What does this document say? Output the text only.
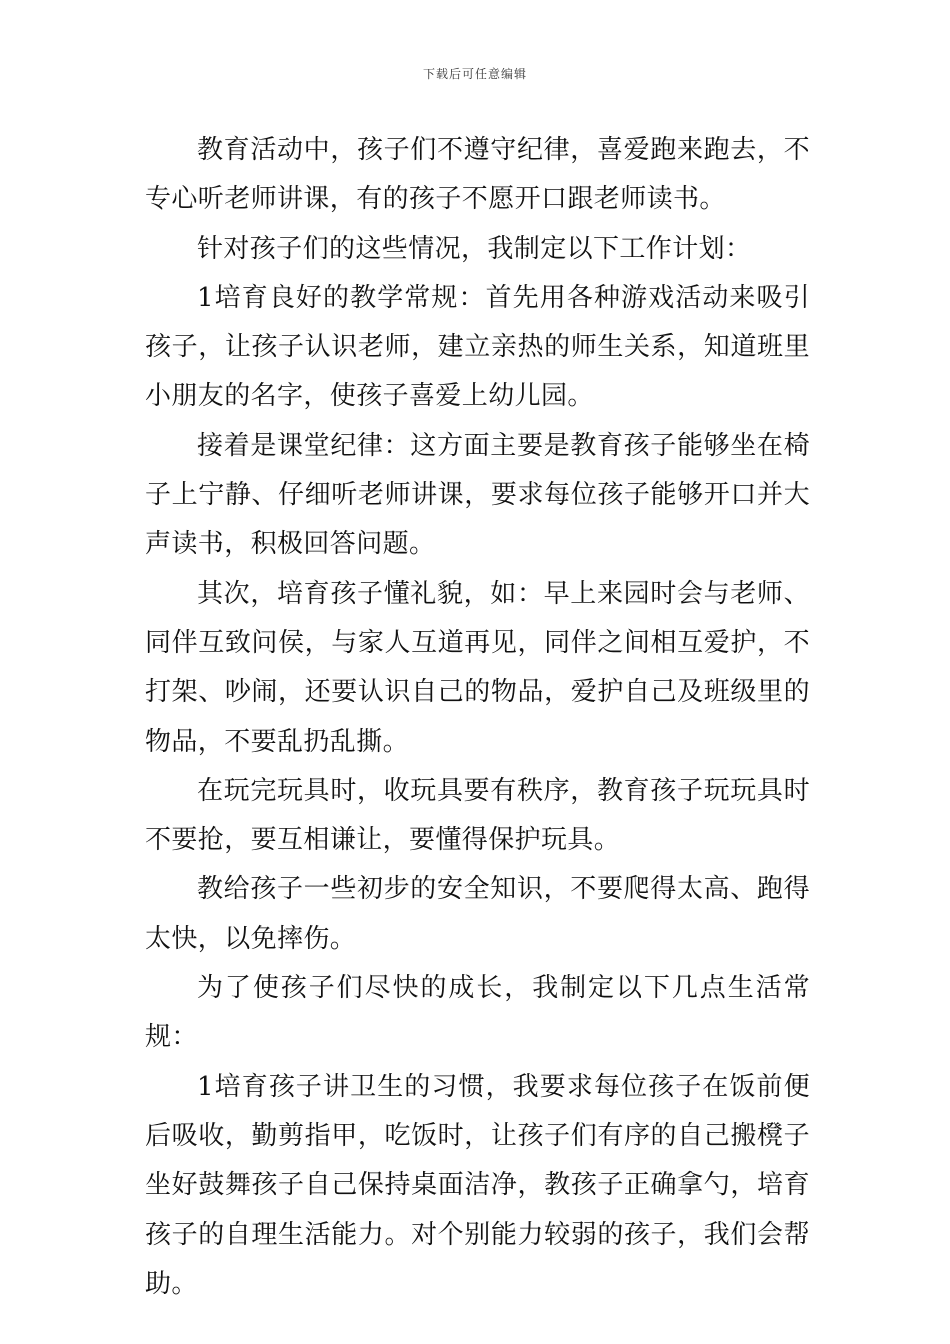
下载后可任意编辑

教育活动中，孩子们不遵守纪律，喜爱跑来跑去，不专心听老师讲课，有的孩子不愿开口跟老师读书。

针对孩子们的这些情况，我制定以下工作计划：

1培育良好的教学常规：首先用各种游戏活动来吸引孩子，让孩子认识老师，建立亲热的师生关系，知道班里小朋友的名字，使孩子喜爱上幼儿园。

接着是课堂纪律：这方面主要是教育孩子能够坐在椅子上宁静、仔细听老师讲课，要求每位孩子能够开口并大声读书，积极回答问题。

其次，培育孩子懂礼貌，如：早上来园时会与老师、同伴互致问侯，与家人互道再见，同伴之间相互爱护，不打架、吵闹，还要认识自己的物品，爱护自己及班级里的物品，不要乱扔乱撕。

在玩完玩具时，收玩具要有秩序，教育孩子玩玩具时不要抢，要互相谦让，要懂得保护玩具。

教给孩子一些初步的安全知识，不要爬得太高、跑得太快，以免摔伤。

为了使孩子们尽快的成长，我制定以下几点生活常规：

1培育孩子讲卫生的习惯，我要求每位孩子在饭前便后吸收，勤剪指甲，吃饭时，让孩子们有序的自己搬櫈子坐好鼓舞孩子自己保持桌面洁净，教孩子正确拿勺，培育孩子的自理生活能力。对个别能力较弱的孩子，我们会帮助。
